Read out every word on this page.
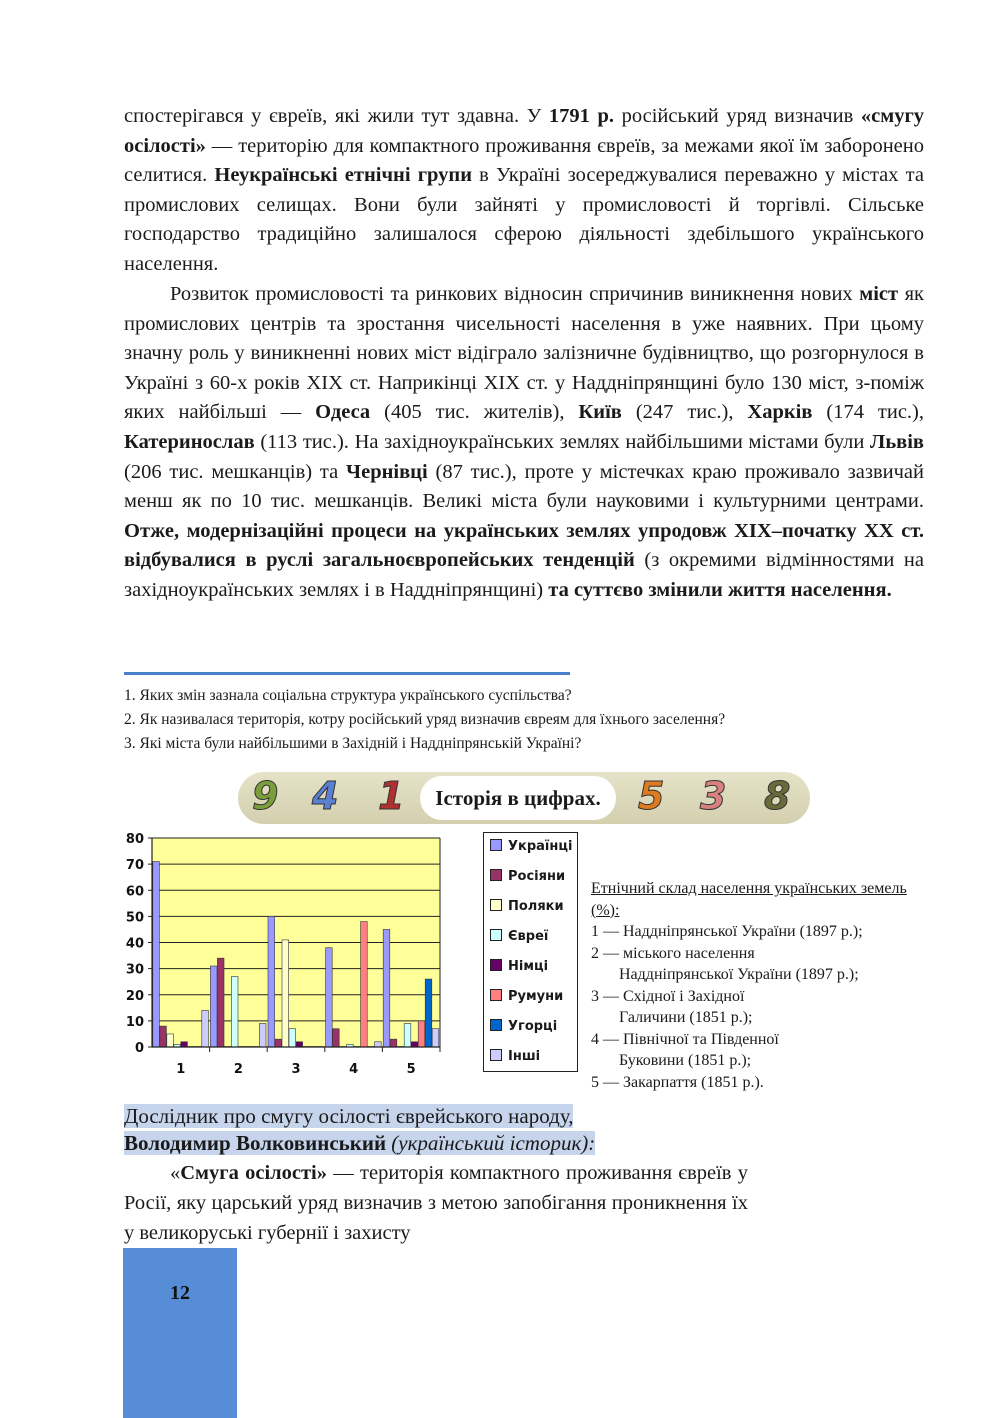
спостерігався у євреїв, які жили тут здавна. У 1791 р. російський уряд визначив «смугу осілості» — територію для компактного проживання євреїв, за межами якої їм заборонено селитися. Неукраїнські етнічні групи в Україні зосереджувалися переважно у містах та промислових селищах. Вони були зайняті у промисловості й торгівлі. Сільське господарство традиційно залишалося сферою діяльності здебільшого українського населення.
Розвиток промисловості та ринкових відносин спричинив виникнення нових міст як промислових центрів та зростання чисельності населення в уже наявних. При цьому значну роль у виникненні нових міст відіграло залізничне будівництво, що розгорнулося в Україні з 60-х років XIX ст. Наприкінці XIX ст. у Наддніпрянщині було 130 міст, з-поміж яких найбільші — Одеса (405 тис. жителів), Київ (247 тис.), Харків (174 тис.), Катеринослав (113 тис.). На західноукраїнських землях найбільшими містами були Львів (206 тис. мешканців) та Чернівці (87 тис.), проте у містечках краю проживало зазвичай менш як по 10 тис. мешканців. Великі міста були науковими і культурними центрами. Отже, модернізаційні процеси на українських землях упродовж XIX–початку XX ст. відбувалися в руслі загальноєвропейських тенденцій (з окремими відмінностями на західноукраїнських землях і в Наддніпрянщині) та суттєво змінили життя населення.
1. Яких змін зазнала соціальна структура українського суспільства?
2. Як називалася територія, котру російський уряд визначив євреям для їхнього заселення?
3. Які міста були найбільшими в Західній і Наддніпрянській Україні?
9 4 1	Історія в цифрах. 5 3 8
0
10
20
30
40
50
60
70
80
1	2	3	4	5
Українці
Росіяни
Поляки
Євреї
Німці
Румуни
Угорці
Інші
Етнічний склад населення українських земель (%):
1 — Наддніпрянської України (1897 р.);
2 — міського населення
Наддніпрянської України (1897 р.);
3 — Східної і Західної
Галичини (1851 р.);
4 — Північної та Південної
Буковини (1851 р.);
5 — Закарпаття (1851 р.).
Дослідник про смугу осілості єврейського народу,
Володимир Волковинський (український історик):
«Смуга осілості» — територія компактного проживання євреїв у Росії, яку царський уряд визначив з метою запобігання проникнення їх у великоруські губернії і захисту
12
